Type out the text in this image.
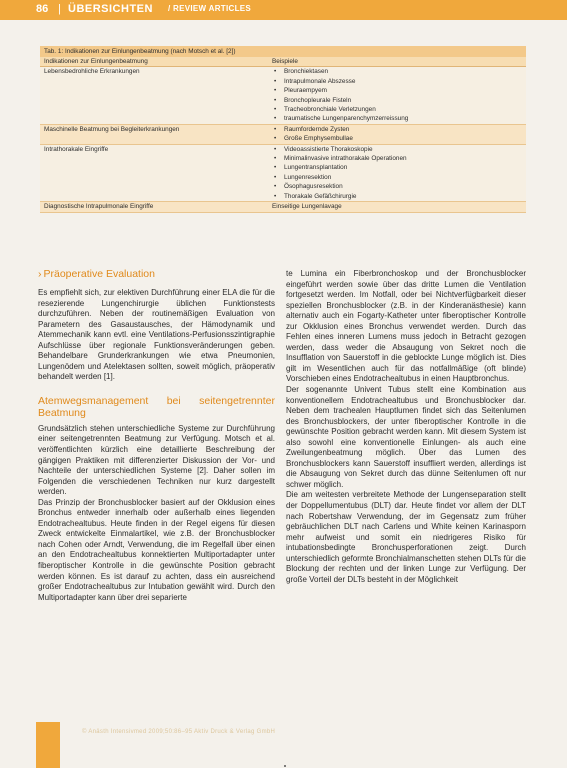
86 | ÜBERSICHTEN / REVIEW ARTICLES
Tab. 1: Indikationen zur Einlungenbeatmung (nach Motsch et al. [2])
Indikationen zur Einlungenbeatmung	Beispiele
Lebensbedrohliche Erkrankungen	• Bronchiektasen
• Intrapulmonale Abszesse
• Pleuraempyem
• Bronchopleurale Fisteln
• Tracheobronchiale Verletzungen
• traumatische Lungenparenchymzerreissung
Maschinelle Beatmung bei Begleiterkrankungen	• Raumfordernde Zysten
• Große Emphysembullae
Intrathorakale Eingriffe	• Videoassistierte Thorakoskopie
• Minimalinvasive intrathorakale Operationen
• Lungentransplantation
• Lungenresektion
• Ösophagusresektion
• Thorakale Gefäßchirurgie
Diagnostische Intrapulmonale Eingriffe	Einseitige Lungenlavage
› Präoperative Evaluation

Es empfiehlt sich, zur elektiven Durchführung einer ELA die für die resezierende Lungenchirurgie üblichen Funktionstests durchzuführen. Neben der routinemäßigen Evaluation von Parametern des Gasaustausches, der Hämodynamik und Atemmechanik kann evtl. eine Ventilations-Perfusionsszintigraphie Aufschlüsse über regionale Funktionsveränderungen geben. Behandelbare Grunderkrankungen wie etwa Pneumonien, Lungenödem und Atelektasen sollten, soweit möglich, präoperativ behandelt werden [1].

Atemwegsmanagement bei seitengetrennter Beatmung

Grundsätzlich stehen unterschiedliche Systeme zur Durchführung einer seitengetrennten Beatmung zur Verfügung. Motsch et al. veröffentlichten kürzlich eine detaillierte Beschreibung der gängigen Praktiken mit differenzierter Diskussion der Vor- und Nachteile der unterschiedlichen Systeme [2]. Daher sollen im Folgenden die verschiedenen Techniken nur kurz dargestellt werden.

Das Prinzip der Bronchusblocker basiert auf der Okklusion eines Bronchus entweder innerhalb oder außerhalb eines liegenden Endotrachealtubus. Heute finden in der Regel eigens für diesen Zweck entwickelte Einmalartikel, wie z.B. der Bronchusblocker nach Cohen oder Arndt, Verwendung, die im Regelfall über einen an den Endotrachealtubus konnektierten Multiportadapter unter fiberoptischer Kontrolle in die gewünschte Position gebracht werden können. Es ist darauf zu achten, dass ein ausreichend großer Endotrachealtubus zur Intubation gewählt wird. Durch den Multiportadapter kann über drei separierte

te Lumina ein Fiberbronchoskop und der Bronchusblocker eingeführt werden sowie über das dritte Lumen die Ventilation fortgesetzt werden. Im Notfall, oder bei Nichtverfügbarkeit dieser speziellen Bronchusblocker (z.B. in der Kinderanästhesie) kann alternativ auch ein Fogarty-Katheter unter fiberoptischer Kontrolle zur Okklusion eines Bronchus verwendet werden. Durch das Fehlen eines inneren Lumens muss jedoch in Betracht gezogen werden, dass weder die Absaugung von Sekret noch die Insufflation von Sauerstoff in die geblockte Lunge möglich ist. Dies gilt im Wesentlichen auch für das notfallmäßige (oft blinde) Vorschieben eines Endotrachealtubus in einen Hauptbronchus.

Der sogenannte Univent Tubus stellt eine Kombination aus konventionellem Endotrachealtubus und Bronchusblocker dar. Neben dem trachealen Hauptlumen findet sich das Seitenlumen des Bronchusblockers, der unter fiberoptischer Kontrolle in die gewünschte Position gebracht werden kann. Mit diesem System ist also sowohl eine konventionelle Einlungen- als auch eine Zweilungenbeatmung möglich. Über das Lumen des Bronchusblockers kann Sauerstoff insuffliert werden, allerdings ist die Absaugung von Sekret durch das dünne Seitenlumen oft nur schwer möglich.

Die am weitesten verbreitete Methode der Lungenseparation stellt der Doppellumentubus (DLT) dar. Heute findet vor allem der DLT nach Robertshaw Verwendung, der im Gegensatz zum früher gebräuchlichen DLT nach Carlens und White keinen Karinasporn mehr aufweist und somit ein niedrigeres Risiko für intubationsbedingte Bronchusperforationen zeigt. Durch unterschiedlich geformte Bronchialmanschetten stehen DLTs für die Blockung der rechten und der linken Lunge zur Verfügung. Der große Vorteil der DLTs besteht in der Möglichkeit

© Anästh Intensivmed 2009;50:86–95 Aktiv Druck & Verlag GmbH
